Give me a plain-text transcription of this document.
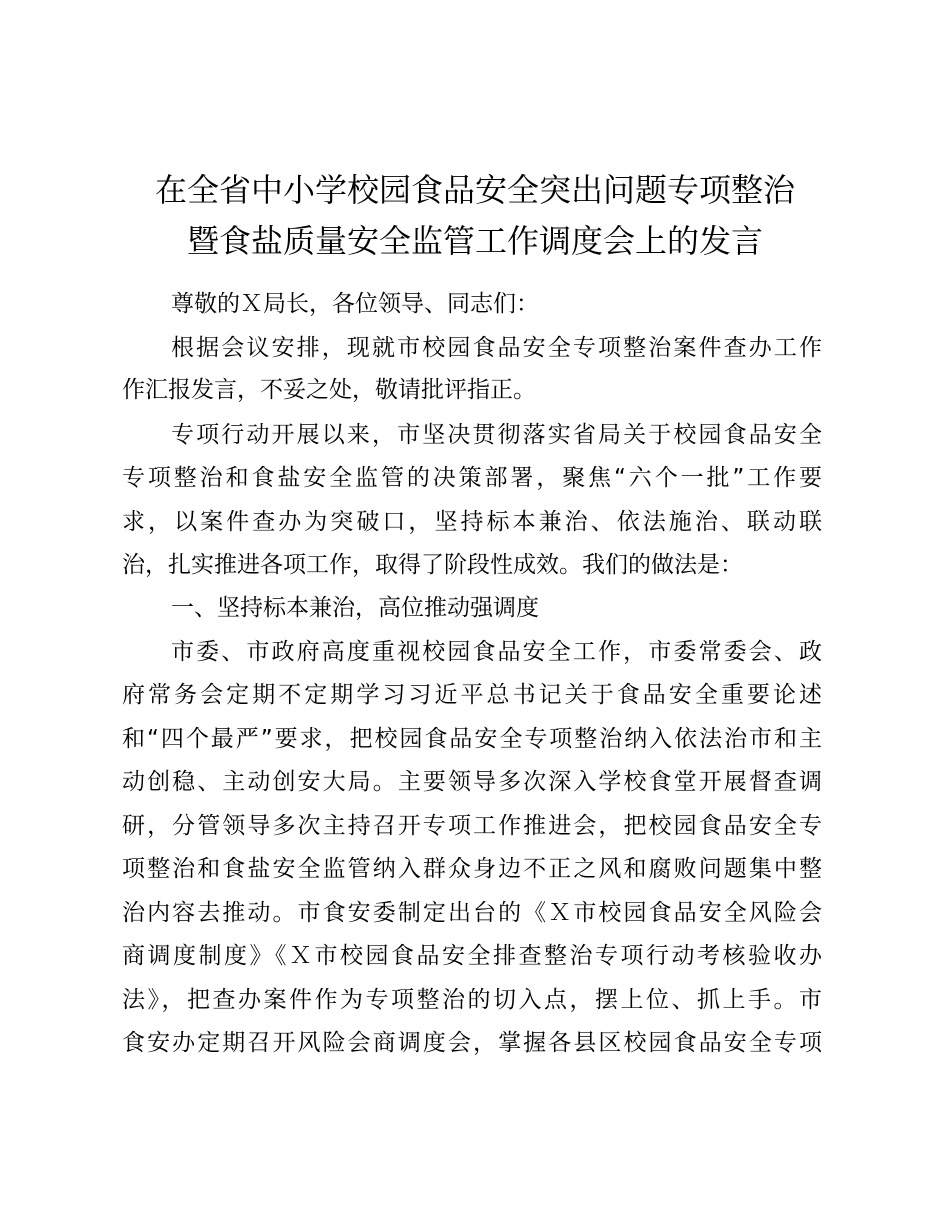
在全省中小学校园食品安全突出问题专项整治
暨食盐质量安全监管工作调度会上的发言

尊敬的Ｘ局长，各位领导、同志们：

根据会议安排，现就市校园食品安全专项整治案件查办工作

作汇报发言，不妥之处，敬请批评指正。

专项行动开展以来，市坚决贯彻落实省局关于校园食品安全

专项整治和食盐安全监管的决策部署，聚焦“六个一批”工作要

求，以案件查办为突破口，坚持标本兼治、依法施治、联动联

治，扎实推进各项工作，取得了阶段性成效。我们的做法是：

一、坚持标本兼治，高位推动强调度

市委、市政府高度重视校园食品安全工作，市委常委会、政

府常务会定期不定期学习习近平总书记关于食品安全重要论述

和“四个最严”要求，把校园食品安全专项整治纳入依法治市和主

动创稳、主动创安大局。主要领导多次深入学校食堂开展督查调

研，分管领导多次主持召开专项工作推进会，把校园食品安全专

项整治和食盐安全监管纳入群众身边不正之风和腐败问题集中整

治内容去推动。市食安委制定出台的《Ｘ市校园食品安全风险会

商调度制度》《Ｘ市校园食品安全排查整治专项行动考核验收办

法》，把查办案件作为专项整治的切入点，摆上位、抓上手。市

食安办定期召开风险会商调度会，掌握各县区校园食品安全专项
